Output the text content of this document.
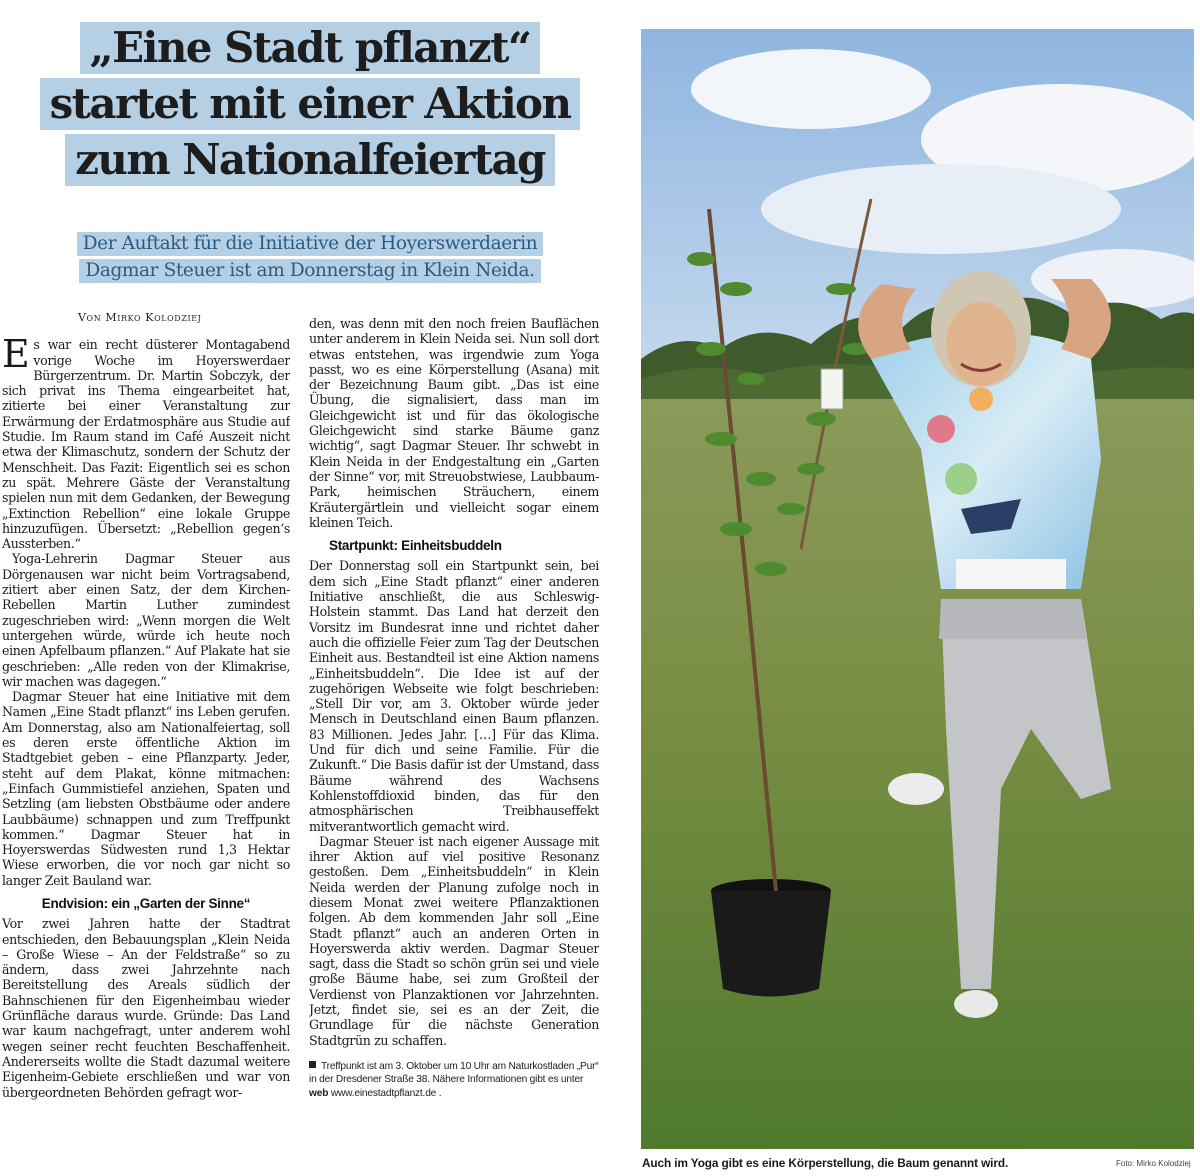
„Eine Stadt pflanzt“
startet mit einer Aktion
zum Nationalfeiertag
Der Auftakt für die Initiative der Hoyerswerdaerin
Dagmar Steuer ist am Donnerstag in Klein Neida.
Von Mirko Kolodziej

Es war ein recht düsterer Montagabend vorige Woche im Hoyerswerdaer Bürgerzentrum. Dr. Martin Sobczyk, der sich privat ins Thema eingearbeitet hat, zitierte bei einer Veranstaltung zur Erwärmung der Erdatmosphäre aus Studie auf Studie. Im Raum stand im Café Auszeit nicht etwa der Klimaschutz, sondern der Schutz der Menschheit. Das Fazit: Eigentlich sei es schon zu spät. Mehrere Gäste der Veranstaltung spielen nun mit dem Gedanken, der Bewegung „Extinction Rebellion“ eine lokale Gruppe hinzuzufügen. Übersetzt: „Rebellion gegen‘s Aussterben.“

Yoga-Lehrerin Dagmar Steuer aus Dörgenausen war nicht beim Vortragsabend, zitiert aber einen Satz, der dem Kirchen-Rebellen Martin Luther zumindest zugeschrieben wird: „Wenn morgen die Welt untergehen würde, würde ich heute noch einen Apfelbaum pflanzen.“ Auf Plakate hat sie geschrieben: „Alle reden von der Klimakrise, wir machen was dagegen.“

Dagmar Steuer hat eine Initiative mit dem Namen „Eine Stadt pflanzt“ ins Leben gerufen. Am Donnerstag, also am Nationalfeiertag, soll es deren erste öffentliche Aktion im Stadtgebiet geben – eine Pflanzparty. Jeder, steht auf dem Plakat, könne mitmachen: „Einfach Gummistiefel anziehen, Spaten und Setzling (am liebsten Obstbäume oder andere Laubbäume) schnappen und zum Treffpunkt kommen.“ Dagmar Steuer hat in Hoyerswerdas Südwesten rund 1,3 Hektar Wiese erworben, die vor noch gar nicht so langer Zeit Bauland war.

Endvision: ein „Garten der Sinne“

Vor zwei Jahren hatte der Stadtrat entschieden, den Bebauungsplan „Klein Neida – Große Wiese – An der Feldstraße“ so zu ändern, dass zwei Jahrzehnte nach Bereitstellung des Areals südlich der Bahnschienen für den Eigenheimbau wieder Grünfläche daraus wurde. Gründe: Das Land war kaum nachgefragt, unter anderem wohl wegen seiner recht feuchten Beschaffenheit. Andererseits wollte die Stadt dazumal weitere Eigenheim-Gebiete erschließen und war von übergeordneten Behörden gefragt wor-

den, was denn mit den noch freien Bauflächen unter anderem in Klein Neida sei. Nun soll dort etwas entstehen, was irgendwie zum Yoga passt, wo es eine Körperstellung (Asana) mit der Bezeichnung Baum gibt. „Das ist eine Übung, die signalisiert, dass man im Gleichgewicht ist und für das ökologische Gleichgewicht sind starke Bäume ganz wichtig“, sagt Dagmar Steuer. Ihr schwebt in Klein Neida in der Endgestaltung ein „Garten der Sinne“ vor, mit Streuobstwiese, Laubbaum-Park, heimischen Sträuchern, einem Kräutergärtlein und vielleicht sogar einem kleinen Teich.

Startpunkt: Einheitsbuddeln

Der Donnerstag soll ein Startpunkt sein, bei dem sich „Eine Stadt pflanzt“ einer anderen Initiative anschließt, die aus Schleswig-Holstein stammt. Das Land hat derzeit den Vorsitz im Bundesrat inne und richtet daher auch die offizielle Feier zum Tag der Deutschen Einheit aus. Bestandteil ist eine Aktion namens „Einheitsbuddeln“. Die Idee ist auf der zugehörigen Webseite wie folgt beschrieben: „Stell Dir vor, am 3. Oktober würde jeder Mensch in Deutschland einen Baum pflanzen. 83 Millionen. Jedes Jahr. […] Für das Klima. Und für dich und seine Familie. Für die Zukunft.“ Die Basis dafür ist der Umstand, dass Bäume während des Wachsens Kohlenstoffdioxid binden, das für den atmosphärischen Treibhauseffekt mitverantwortlich gemacht wird.

Dagmar Steuer ist nach eigener Aussage mit ihrer Aktion auf viel positive Resonanz gestoßen. Dem „Einheitsbuddeln“ in Klein Neida werden der Planung zufolge noch in diesem Monat zwei weitere Pflanzaktionen folgen. Ab dem kommenden Jahr soll „Eine Stadt pflanzt“ auch an anderen Orten in Hoyerswerda aktiv werden. Dagmar Steuer sagt, dass die Stadt so schön grün sei und viele große Bäume habe, sei zum Großteil der Verdienst von Planzaktionen vor Jahrzehnten. Jetzt, findet sie, sei es an der Zeit, die Grundlage für die nächste Generation Stadtgrün zu schaffen.

Treffpunkt ist am 3. Oktober um 10 Uhr am Naturkostladen „Pur“ in der Dresdener Straße 38. Nähere Informationen gibt es unter web www.einestadtpflanzt.de .
Auch im Yoga gibt es eine Körperstellung, die Baum genannt wird.	Foto: Mirko Kolodziej
